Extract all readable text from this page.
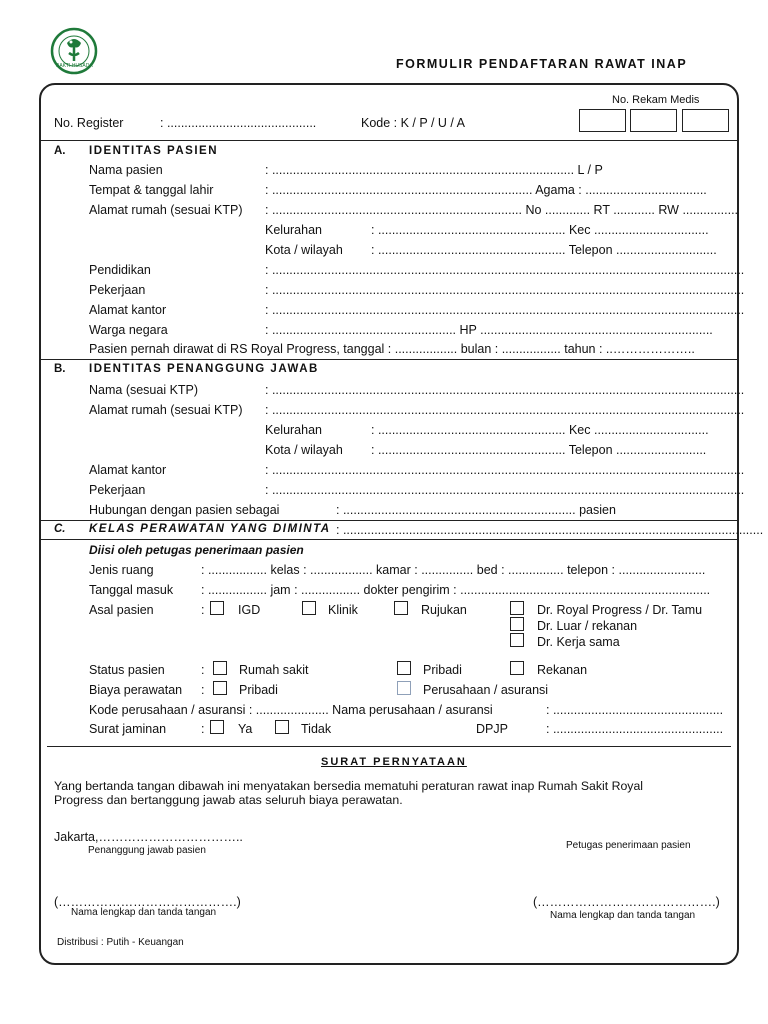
BAKTI HUSADA	FORMULIR PENDAFTARAN RAWAT INAP
No. Rekam Medis
No. Register	: ...........................................	Kode : K / P / U / A
A. IDENTITAS PASIEN
Nama pasien	: ....................................................................................... L / P
Tempat & tanggal lahir	: ........................................................................... Agama : ...................................
Alamat rumah (sesuai KTP) : ........................................................................ No ............. RT ............ RW ................
Kelurahan	: ...................................................... Kec .................................
Kota / wilayah : ...................................................... Telepon .............................
Pendidikan	: ........................................................................................................................................
Pekerjaan	: ........................................................................................................................................
Alamat kantor	: ........................................................................................................................................
Warga negara	: ..................................................... HP ...................................................................
Pasien pernah dirawat di RS Royal Progress, tanggal : .................. bulan : ................. tahun : ..………………..
B. IDENTITAS PENANGGUNG JAWAB
Nama (sesuai KTP)	: ........................................................................................................................................
Alamat rumah (sesuai KTP) : ........................................................................................................................................
Kelurahan	: ...................................................... Kec .................................
Kota / wilayah : ...................................................... Telepon ..........................
Alamat kantor	: ........................................................................................................................................
Pekerjaan	: ........................................................................................................................................
Hubungan dengan pasien sebagai	: ................................................................... pasien
C. KELAS PERAWATAN YANG DIMINTA : .........................................................................................................................
Diisi oleh petugas penerimaan pasien
Jenis ruang	: ................. kelas : .................. kamar : ............... bed : ................ telepon : .........................
Tanggal masuk : ................. jam : ................. dokter pengirim : ........................................................................
Asal pasien	:	IGD	Klinik	Rujukan	Dr. Royal Progress / Dr. Tamu
Dr. Luar / rekanan
Dr. Kerja sama
Status pasien	:	Rumah sakit	Pribadi	Rekanan
Biaya perawatan :	Pribadi	Perusahaan / asuransi
Kode perusahaan / asuransi : ..................... Nama perusahaan / asuransi	: .................................................
Surat jaminan	:	Ya	Tidak	DPJP	: .................................................
SURAT PERNYATAAN
Yang bertanda tangan dibawah ini menyatakan bersedia mematuhi peraturan rawat inap Rumah Sakit Royal
Progress dan bertanggung jawab atas seluruh biaya perawatan.
Jakarta,……………………………..
Penanggung jawab pasien	Petugas penerimaan pasien
(…………………………………….)
Nama lengkap dan tanda tangan
(…………………………………….)
Nama lengkap dan tanda tangan
Distribusi : Putih - Keuangan
